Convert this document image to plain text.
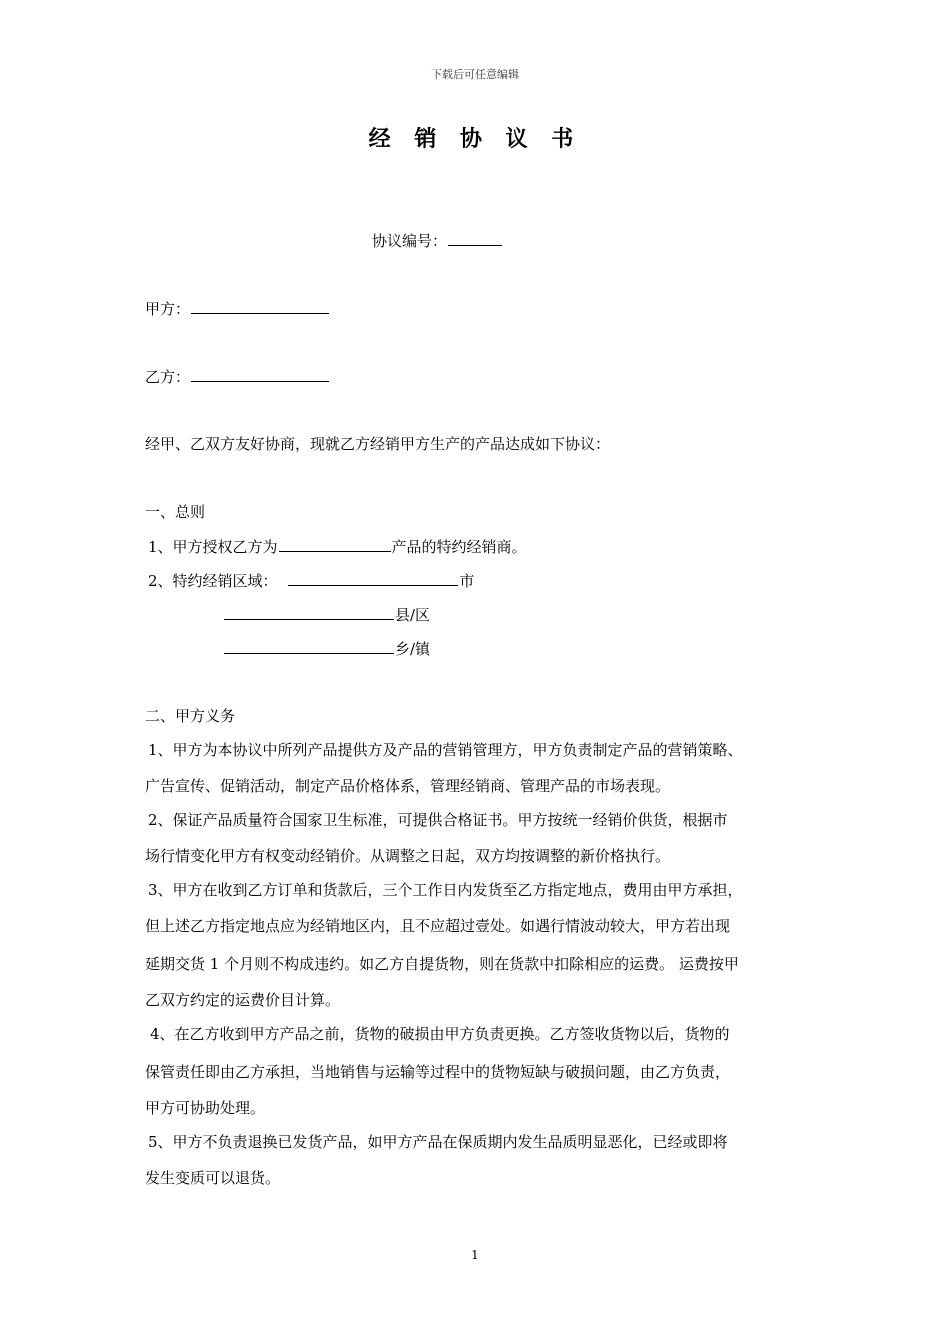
下载后可任意编辑
经 销 协 议 书
协议编号：
甲方：
乙方：
经甲、乙双方友好协商，现就乙方经销甲方生产的产品达成如下协议：
一、总则
1、甲方授权乙方为	产品的特约经销商。
2、特约经销区域：	市
县/区
乡/镇
二、甲方义务
1、甲方为本协议中所列产品提供方及产品的营销管理方，甲方负责制定产品的营销策略、
广告宣传、促销活动，制定产品价格体系，管理经销商、管理产品的市场表现。
2、保证产品质量符合国家卫生标准，可提供合格证书。甲方按统一经销价供货，根据市
场行情变化甲方有权变动经销价。从调整之日起，双方均按调整的新价格执行。
3、甲方在收到乙方订单和货款后，三个工作日内发货至乙方指定地点，费用由甲方承担，
但上述乙方指定地点应为经销地区内，且不应超过壹处。如遇行情波动较大，甲方若出现
延期交货 1 个月则不构成违约。如乙方自提货物，则在货款中扣除相应的运费。 运费按甲
乙双方约定的运费价目计算。
4、在乙方收到甲方产品之前，货物的破损由甲方负责更换。乙方签收货物以后，货物的
保管责任即由乙方承担，当地销售与运输等过程中的货物短缺与破损问题，由乙方负责，
甲方可协助处理。
5、甲方不负责退换已发货产品，如甲方产品在保质期内发生品质明显恶化，已经或即将
发生变质可以退货。
1
